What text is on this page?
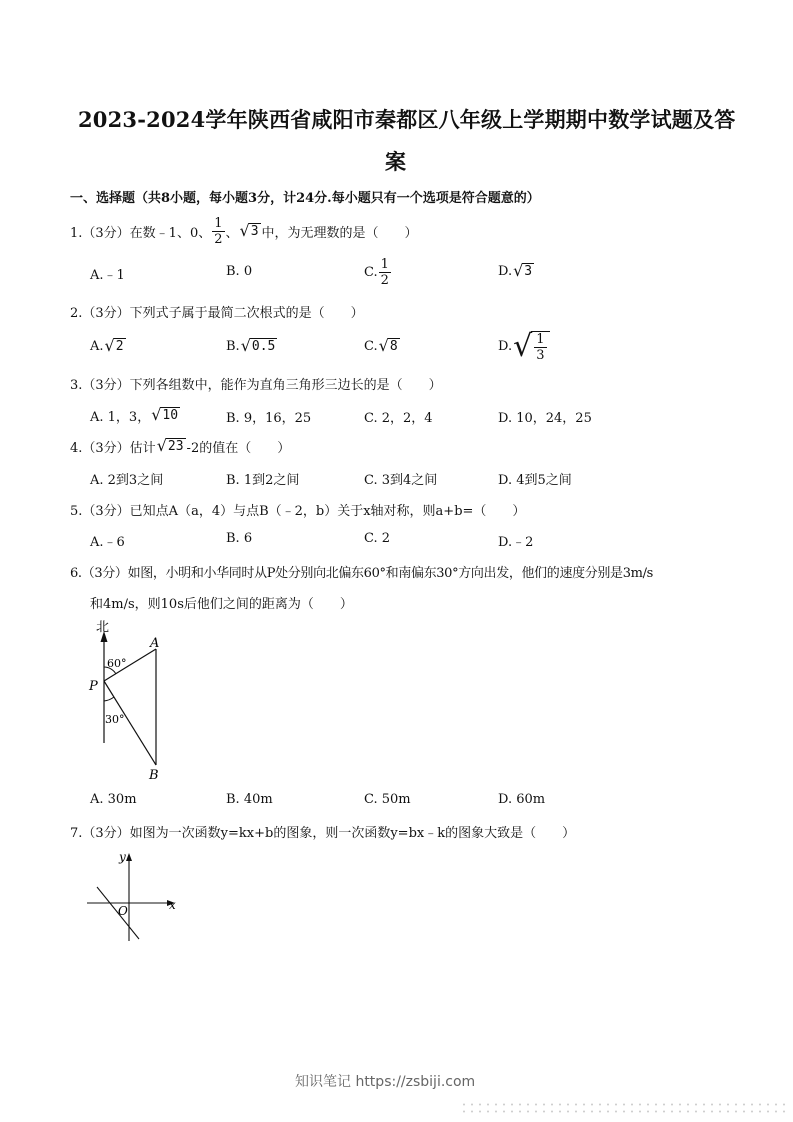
2023-2024学年陕西省咸阳市秦都区八年级上学期期中数学试题及答
案
一、选择题（共8小题，每小题3分，计24分.每小题只有一个选项是符合题意的）
1.（3分）在数﹣1、0、 $\frac{1}{2}$ 、 √ 3 中，为无理数的是（　　）
A.﹣1	B. 0	C. $\frac{1}{2}$	D. √ 3
2.（3分）下列式子属于最简二次根式的是（　　）
A. √ 2	B. √ 0.5	C. √ 8	D. √ $\frac{1}{3}$
3.（3分）下列各组数中，能作为直角三角形三边长的是（　　）
A. 1，3， √ 10	B. 9，16，25	C. 2，2，4	D. 10，24，25
4.（3分）估计 √ 23 -2的值在（　　）
A. 2到3之间	B. 1到2之间	C. 3到4之间	D. 4到5之间
5.（3分）已知点A（a，4）与点B（﹣2，b）关于x轴对称，则a+b=（　　）
A.﹣6	B. 6	C. 2	D.﹣2
6.（3分）如图，小明和小华同时从P处分别向北偏东60°和南偏东30°方向出发，他们的速度分别是3m/s
和4m/s，则10s后他们之间的距离为（　　）
北
A
P
B
60°
30°
A. 30m	B. 40m	C. 50m	D. 60m
7.（3分）如图为一次函数y=kx+b的图象，则一次函数y=bx﹣k的图象大致是（　　）
y
x
O
知识笔记 https://zsbiji.com
